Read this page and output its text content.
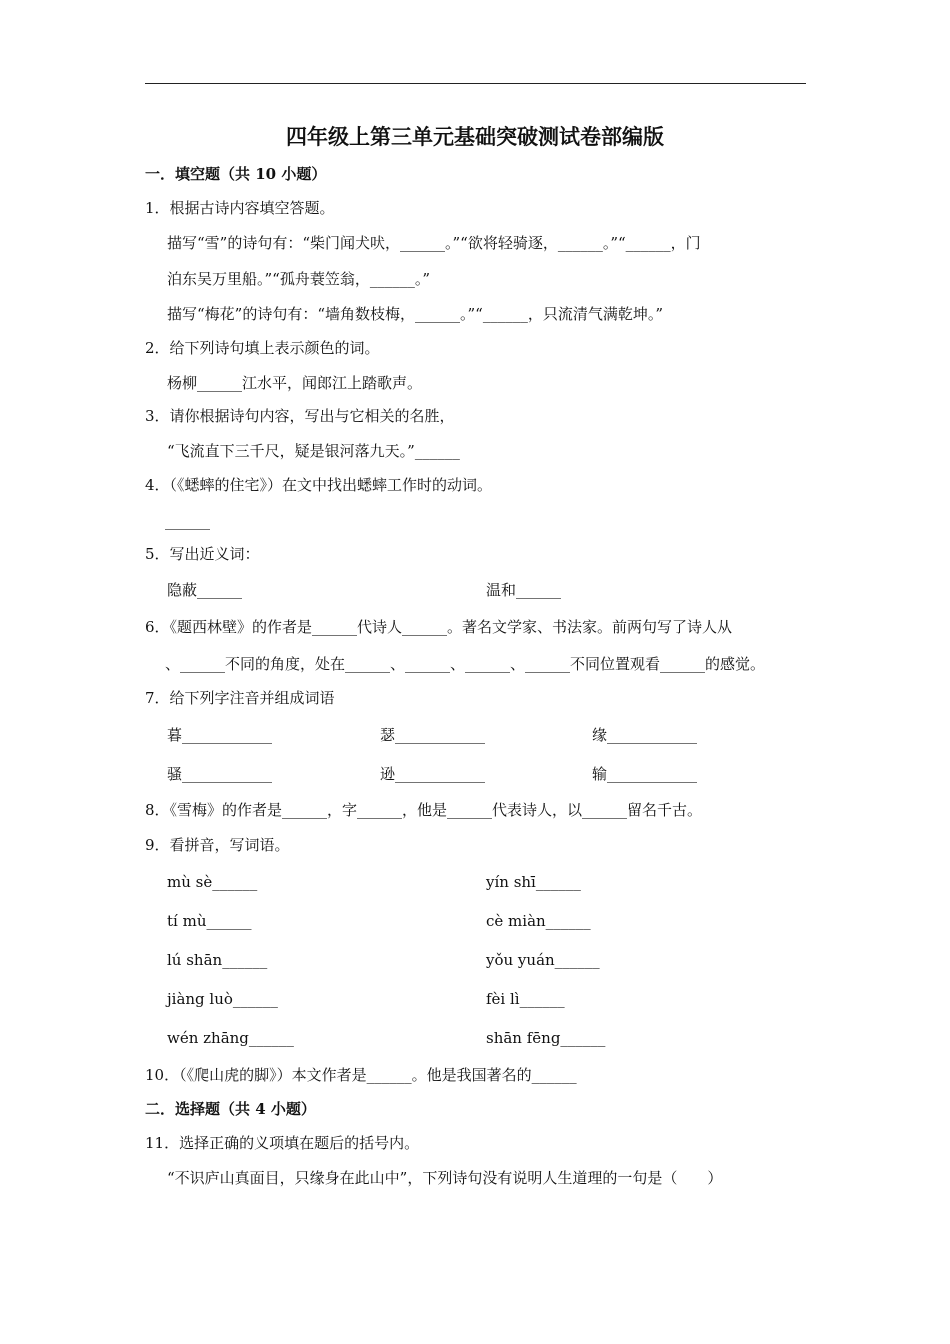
四年级上第三单元基础突破测试卷部编版
一．填空题（共 10 小题）
1．根据古诗内容填空答题。
描写“雪”的诗句有：“柴门闻犬吠，______。”“欲将轻骑逐，______。”“______，门
泊东吴万里船。”“孤舟蓑笠翁，______。”
描写“梅花”的诗句有：“墙角数枝梅，______。”“______，只流清气满乾坤。”
2．给下列诗句填上表示颜色的词。
杨柳______江水平，闻郎江上踏歌声。
3．请你根据诗句内容，写出与它相关的名胜，
“飞流直下三千尺，疑是银河落九天。”______
4．（《蟋蟀的住宅》）在文中找出蟋蟀工作时的动词。
______
5．写出近义词：
隐蔽______	温和______
6．《题西林壁》的作者是______代诗人______。著名文学家、书法家。前两句写了诗人从
、______不同的角度，处在______、______、______、______不同位置观看______的感觉。
7．给下列字注音并组成词语
暮____________	瑟____________	缘____________
骚____________	逊____________	输____________
8．《雪梅》的作者是______，字______，他是______代表诗人，以______留名千古。
9．看拼音，写词语。
mù sè______	yín shī______
tí mù______	cè miàn______
lú shān______	yǒu yuán______
jiàng luò______	fèi lì______
wén zhāng______	shān fēng______
10．（《爬山虎的脚》）本文作者是______。他是我国著名的______
二．选择题（共 4 小题）
11．选择正确的义项填在题后的括号内。
“不识庐山真面目，只缘身在此山中”，下列诗句没有说明人生道理的一句是（　　）
